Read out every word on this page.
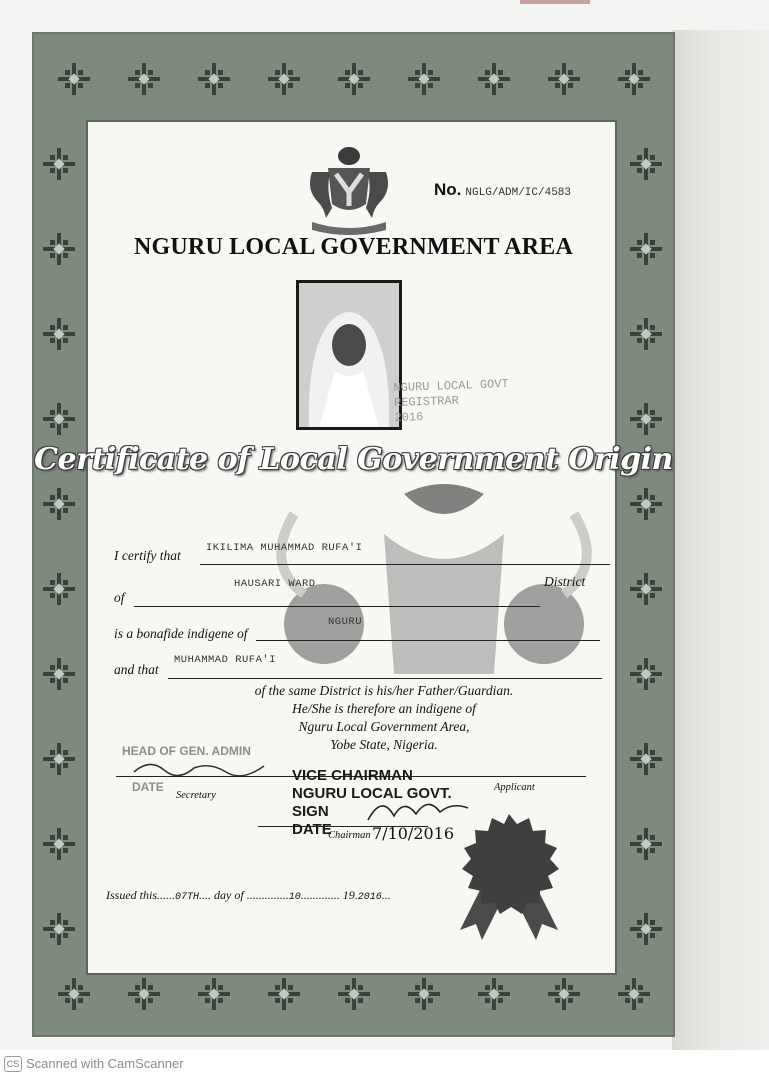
No. NGLG/ADM/IC/4583
NGURU LOCAL GOVERNMENT AREA
NGURU LOCAL GOVT
REGISTRAR
2016
Certificate of Local Government Origin
I certify that IKILIMA MUHAMMAD RUFA'I
of
HAUSARI WARD	District
is a bonafide indigene of
NGURU
and that
MUHAMMAD RUFA'I
of the same District is his/her Father/Guardian.
He/She is therefore an indigene of
Nguru Local Government Area,
Yobe State, Nigeria.
HEAD OF GEN. ADMIN
DATE
Secretary
Applicant
VICE CHAIRMAN
NGURU LOCAL GOVT.
SIGN
DATE
Chairman 7/10/2016
Issued this......07TH.... day of ..............10............. 19.2016...
CS Scanned with CamScanner
